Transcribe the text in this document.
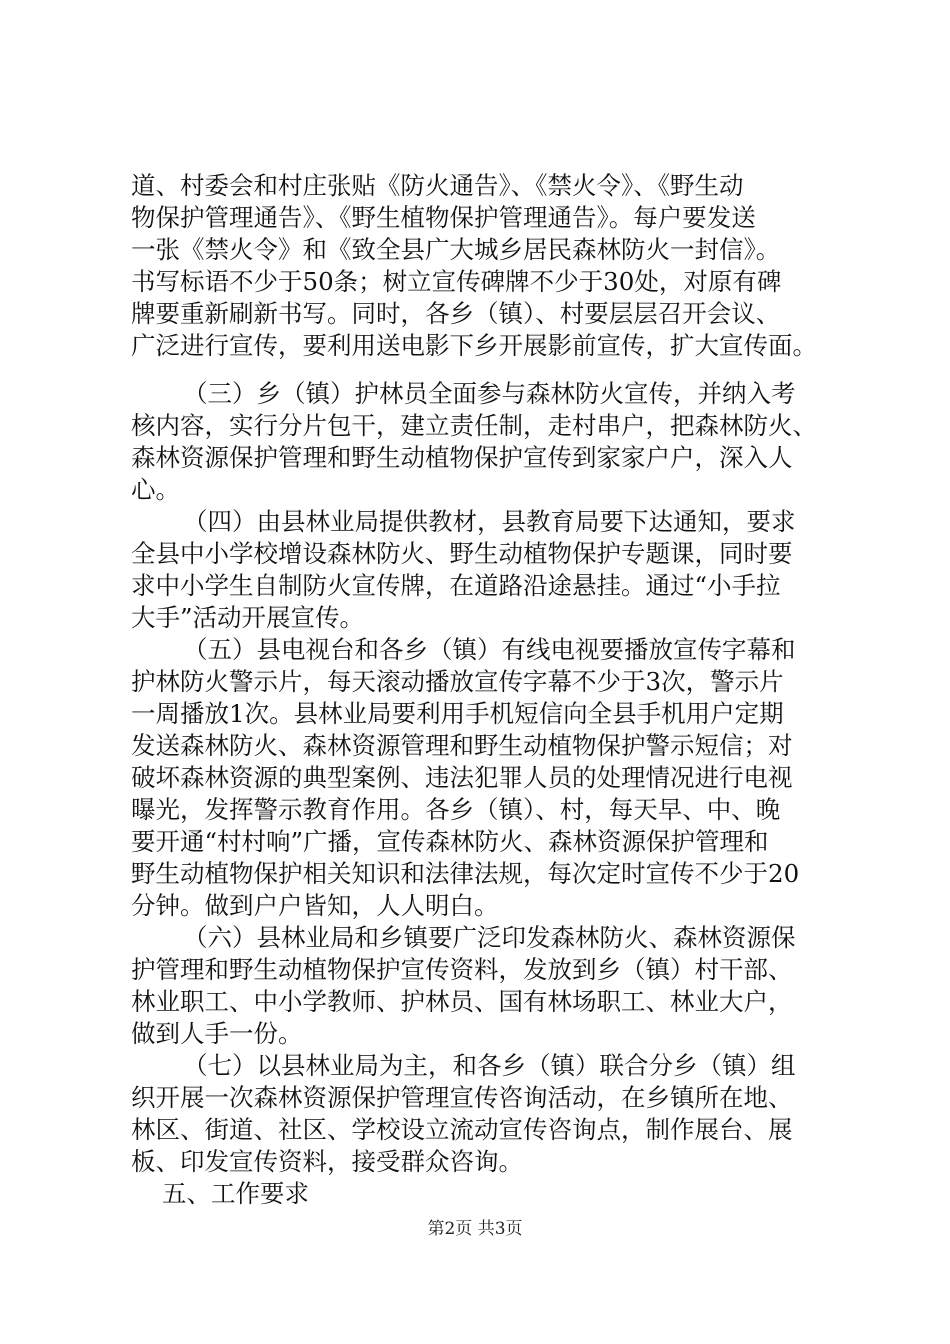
道、村委会和村庄张贴《防火通告》、《禁火令》、《野生动
物保护管理通告》、《野生植物保护管理通告》。每户要发送
一张《禁火令》和《致全县广大城乡居民森林防火一封信》。
书写标语不少于50条；树立宣传碑牌不少于30处，对原有碑
牌要重新刷新书写。同时，各乡（镇）、村要层层召开会议、
广泛进行宣传，要利用送电影下乡开展影前宣传，扩大宣传面。
（三）乡（镇）护林员全面参与森林防火宣传，并纳入考
核内容，实行分片包干，建立责任制，走村串户，把森林防火、
森林资源保护管理和野生动植物保护宣传到家家户户，深入人
心。
（四）由县林业局提供教材，县教育局要下达通知，要求
全县中小学校增设森林防火、野生动植物保护专题课，同时要
求中小学生自制防火宣传牌，在道路沿途悬挂。通过“小手拉
大手”活动开展宣传。
（五）县电视台和各乡（镇）有线电视要播放宣传字幕和
护林防火警示片，每天滚动播放宣传字幕不少于3次，警示片
一周播放1次。县林业局要利用手机短信向全县手机用户定期
发送森林防火、森林资源管理和野生动植物保护警示短信；对
破坏森林资源的典型案例、违法犯罪人员的处理情况进行电视
曝光，发挥警示教育作用。各乡（镇）、村，每天早、中、晚
要开通“村村响”广播，宣传森林防火、森林资源保护管理和
野生动植物保护相关知识和法律法规，每次定时宣传不少于20
分钟。做到户户皆知，人人明白。
（六）县林业局和乡镇要广泛印发森林防火、森林资源保
护管理和野生动植物保护宣传资料，发放到乡（镇）村干部、
林业职工、中小学教师、护林员、国有林场职工、林业大户，
做到人手一份。
（七）以县林业局为主，和各乡（镇）联合分乡（镇）组
织开展一次森林资源保护管理宣传咨询活动，在乡镇所在地、
林区、街道、社区、学校设立流动宣传咨询点，制作展台、展
板、印发宣传资料，接受群众咨询。
五、工作要求
第2页 共3页
